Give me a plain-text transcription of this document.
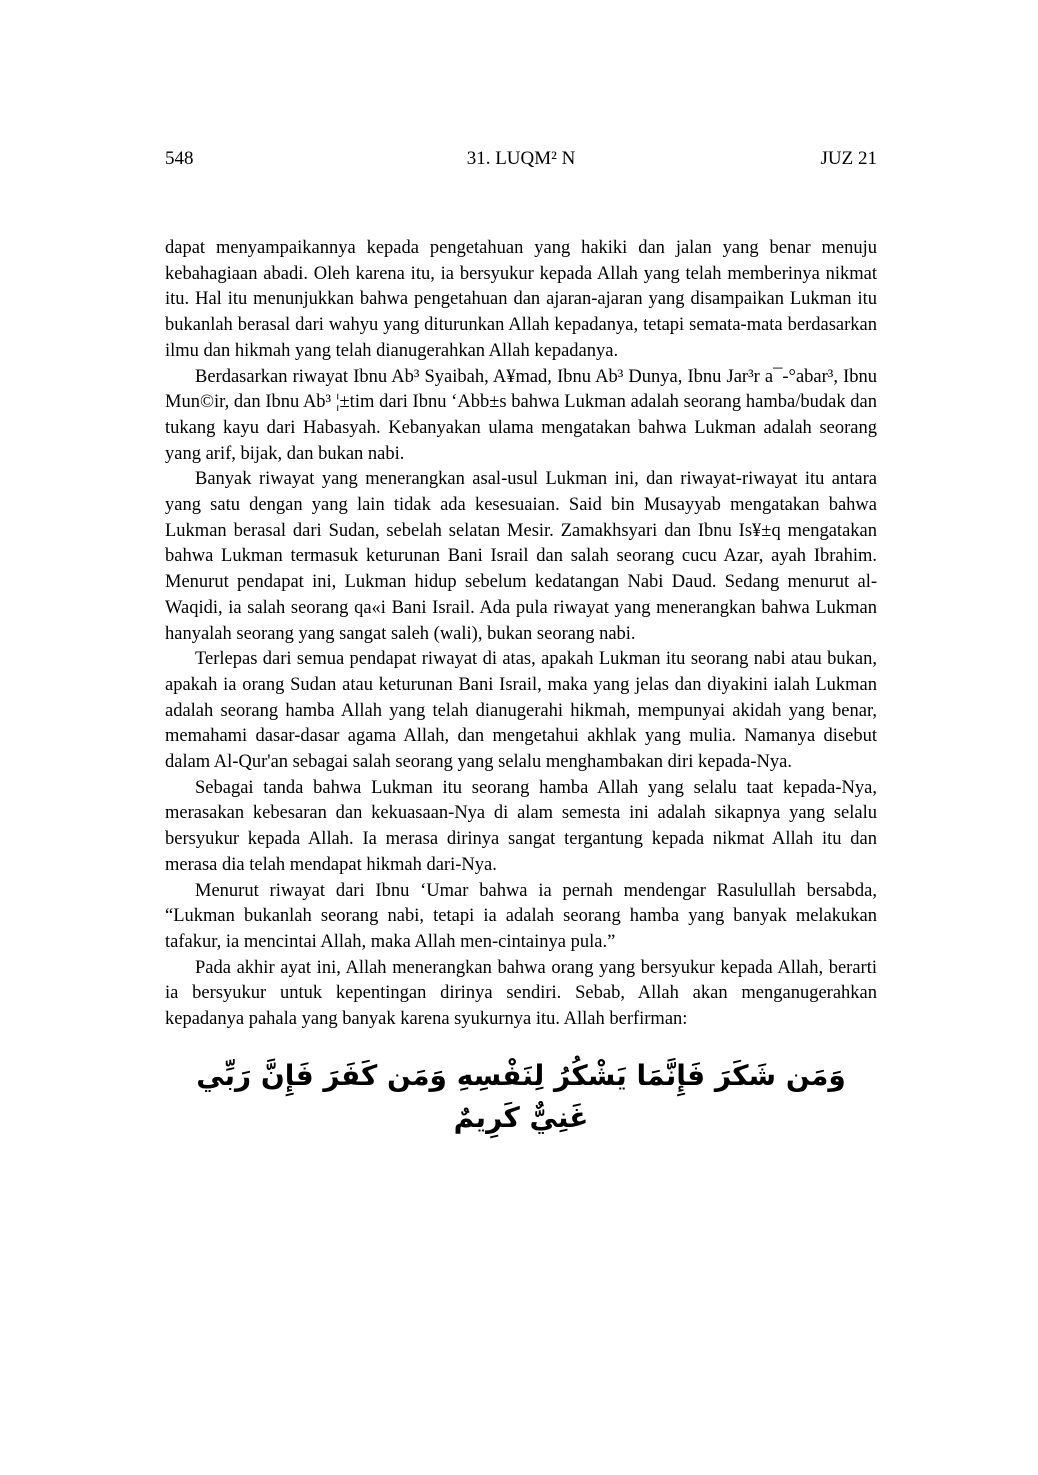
548	31. LUQM² N	JUZ 21

dapat menyampaikannya kepada pengetahuan yang hakiki dan jalan yang benar menuju kebahagiaan abadi. Oleh karena itu, ia bersyukur kepada Allah yang telah memberinya nikmat itu. Hal itu menunjukkan bahwa pengetahuan dan ajaran-ajaran yang disampaikan Lukman itu bukanlah berasal dari wahyu yang diturunkan Allah kepadanya, tetapi semata-mata berdasarkan ilmu dan hikmah yang telah dianugerahkan Allah kepadanya.

Berdasarkan riwayat Ibnu Ab³ Syaibah, A¥mad, Ibnu Ab³ Dunya, Ibnu Jar³r a¯-°abar³, Ibnu Mun©ir, dan Ibnu Ab³ ¦±tim dari Ibnu ‘Abb±s bahwa Lukman adalah seorang hamba/budak dan tukang kayu dari Habasyah. Kebanyakan ulama mengatakan bahwa Lukman adalah seorang yang arif, bijak, dan bukan nabi.

Banyak riwayat yang menerangkan asal-usul Lukman ini, dan riwayat-riwayat itu antara yang satu dengan yang lain tidak ada kesesuaian. Said bin Musayyab mengatakan bahwa Lukman berasal dari Sudan, sebelah selatan Mesir. Zamakhsyari dan Ibnu Is¥±q mengatakan bahwa Lukman termasuk keturunan Bani Israil dan salah seorang cucu Azar, ayah Ibrahim. Menurut pendapat ini, Lukman hidup sebelum kedatangan Nabi Daud. Sedang menurut al-Waqidi, ia salah seorang qa«i Bani Israil. Ada pula riwayat yang menerangkan bahwa Lukman hanyalah seorang yang sangat saleh (wali), bukan seorang nabi.

Terlepas dari semua pendapat riwayat di atas, apakah Lukman itu seorang nabi atau bukan, apakah ia orang Sudan atau keturunan Bani Israil, maka yang jelas dan diyakini ialah Lukman adalah seorang hamba Allah yang telah dianugerahi hikmah, mempunyai akidah yang benar, memahami dasar-dasar agama Allah, dan mengetahui akhlak yang mulia. Namanya disebut dalam Al-Qur'an sebagai salah seorang yang selalu menghambakan diri kepada-Nya.

Sebagai tanda bahwa Lukman itu seorang hamba Allah yang selalu taat kepada-Nya, merasakan kebesaran dan kekuasaan-Nya di alam semesta ini adalah sikapnya yang selalu bersyukur kepada Allah. Ia merasa dirinya sangat tergantung kepada nikmat Allah itu dan merasa dia telah mendapat hikmah dari-Nya.

Menurut riwayat dari Ibnu ‘Umar bahwa ia pernah mendengar Rasulullah bersabda, “Lukman bukanlah seorang nabi, tetapi ia adalah seorang hamba yang banyak melakukan tafakur, ia mencintai Allah, maka Allah men-cintainya pula.”

Pada akhir ayat ini, Allah menerangkan bahwa orang yang bersyukur kepada Allah, berarti ia bersyukur untuk kepentingan dirinya sendiri. Sebab, Allah akan menganugerahkan kepadanya pahala yang banyak karena syukurnya itu. Allah berfirman:

وَمَن شَكَرَ فَإِنَّمَا يَشْكُرُ لِنَفْسِهِ وَمَن كَفَرَ فَإِنَّ رَبِّي غَنِيٌّ كَرِيمٌ
